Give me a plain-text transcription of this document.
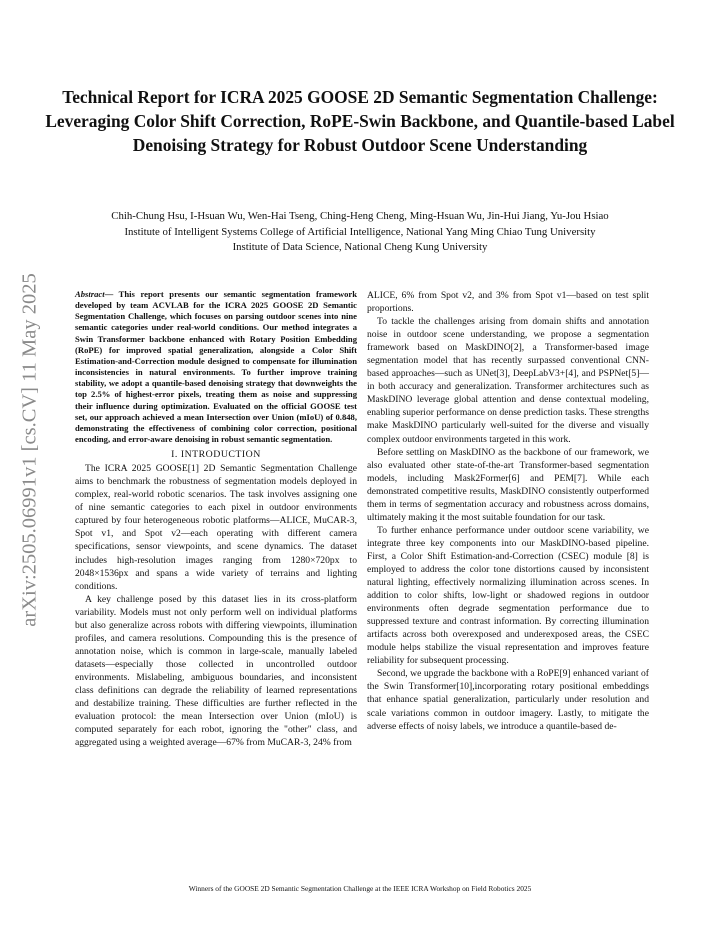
Technical Report for ICRA 2025 GOOSE 2D Semantic Segmentation Challenge: Leveraging Color Shift Correction, RoPE-Swin Backbone, and Quantile-based Label Denoising Strategy for Robust Outdoor Scene Understanding
Chih-Chung Hsu, I-Hsuan Wu, Wen-Hai Tseng, Ching-Heng Cheng, Ming-Hsuan Wu, Jin-Hui Jiang, Yu-Jou Hsiao
Institute of Intelligent Systems College of Artificial Intelligence, National Yang Ming Chiao Tung University
Institute of Data Science, National Cheng Kung University
arXiv:2505.06991v1 [cs.CV] 11 May 2025	Abstract— This report presents our semantic segmentation framework developed by team ACVLAB for the ICRA 2025 GOOSE 2D Semantic Segmentation Challenge, which focuses on parsing outdoor scenes into nine semantic categories under real-world conditions. Our method integrates a Swin Transformer backbone enhanced with Rotary Position Embedding (RoPE) for improved spatial generalization, alongside a Color Shift Estimation-and-Correction module designed to compensate for illumination inconsistencies in natural environments. To further improve training stability, we adopt a quantile-based denoising strategy that downweights the top 2.5% of highest-error pixels, treating them as noise and suppressing their influence during optimization. Evaluated on the official GOOSE test set, our approach achieved a mean Intersection over Union (mIoU) of 0.848, demonstrating the effectiveness of combining color correction, positional encoding, and error-aware denoising in robust semantic segmentation.

I. INTRODUCTION

The ICRA 2025 GOOSE[1] 2D Semantic Segmentation Challenge aims to benchmark the robustness of segmentation models deployed in complex, real-world robotic scenarios. The task involves assigning one of nine semantic categories to each pixel in outdoor environments captured by four heterogeneous robotic platforms—ALICE, MuCAR-3, Spot v1, and Spot v2—each operating with different camera specifications, sensor viewpoints, and scene dynamics. The dataset includes high-resolution images ranging from 1280×720px to 2048×1536px and spans a wide variety of terrains and lighting conditions.

A key challenge posed by this dataset lies in its cross-platform variability. Models must not only perform well on individual platforms but also generalize across robots with differing viewpoints, illumination profiles, and camera resolutions. Compounding this is the presence of annotation noise, which is common in large-scale, manually labeled datasets—especially those collected in uncontrolled outdoor environments. Mislabeling, ambiguous boundaries, and inconsistent class definitions can degrade the reliability of learned representations and destabilize training. These difficulties are further reflected in the evaluation protocol: the mean Intersection over Union (mIoU) is computed separately for each robot, ignoring the "other" class, and aggregated using a weighted average—67% from MuCAR-3, 24% from

ALICE, 6% from Spot v2, and 3% from Spot v1—based on test split proportions.

To tackle the challenges arising from domain shifts and annotation noise in outdoor scene understanding, we propose a segmentation framework based on MaskDINO[2], a Transformer-based image segmentation model that has recently surpassed conventional CNN-based approaches—such as UNet[3], DeepLabV3+[4], and PSPNet[5]—in both accuracy and generalization. Transformer architectures such as MaskDINO leverage global attention and dense contextual modeling, enabling superior performance on dense prediction tasks. These strengths make MaskDINO particularly well-suited for the diverse and visually complex outdoor environments targeted in this work.

Before settling on MaskDINO as the backbone of our framework, we also evaluated other state-of-the-art Transformer-based segmentation models, including Mask2Former[6] and PEM[7]. While each demonstrated competitive results, MaskDINO consistently outperformed them in terms of segmentation accuracy and robustness across domains, ultimately making it the most suitable foundation for our task.

To further enhance performance under outdoor scene variability, we integrate three key components into our MaskDINO-based pipeline. First, a Color Shift Estimation-and-Correction (CSEC) module [8] is employed to address the color tone distortions caused by inconsistent natural lighting, effectively normalizing illumination across scenes. In addition to color shifts, low-light or shadowed regions in outdoor environments often degrade segmentation performance due to suppressed texture and contrast information. By correcting illumination artifacts across both overexposed and underexposed areas, the CSEC module helps stabilize the visual representation and improves feature reliability for subsequent processing.

Second, we upgrade the backbone with a RoPE[9] enhanced variant of the Swin Transformer[10],incorporating rotary positional embeddings that enhance spatial generalization, particularly under resolution and scale variations common in outdoor imagery. Lastly, to mitigate the adverse effects of noisy labels, we introduce a quantile-based de-

Winners of the GOOSE 2D Semantic Segmentation Challenge at the IEEE ICRA Workshop on Field Robotics 2025
